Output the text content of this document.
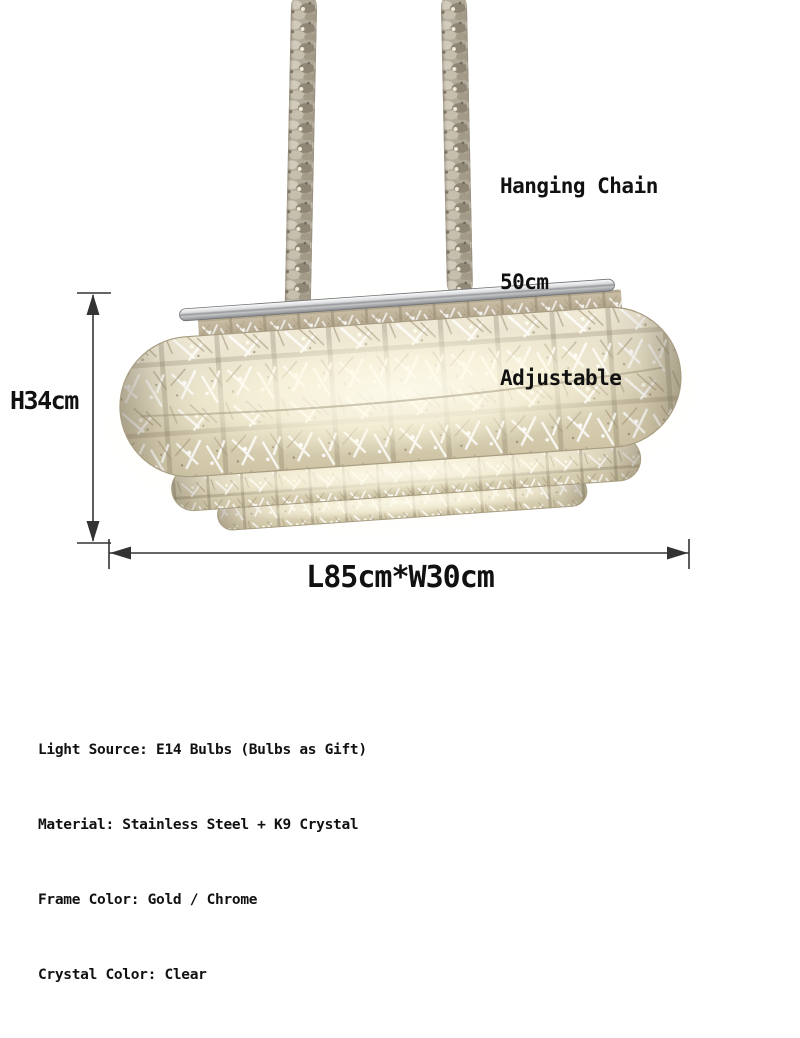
Hanging Chain

50cm

Adjustable

H34cm
L85cm*W30cm

Light Source: E14 Bulbs (Bulbs as Gift)

Material: Stainless Steel + K9 Crystal

Frame Color: Gold / Chrome

Crystal Color: Clear
